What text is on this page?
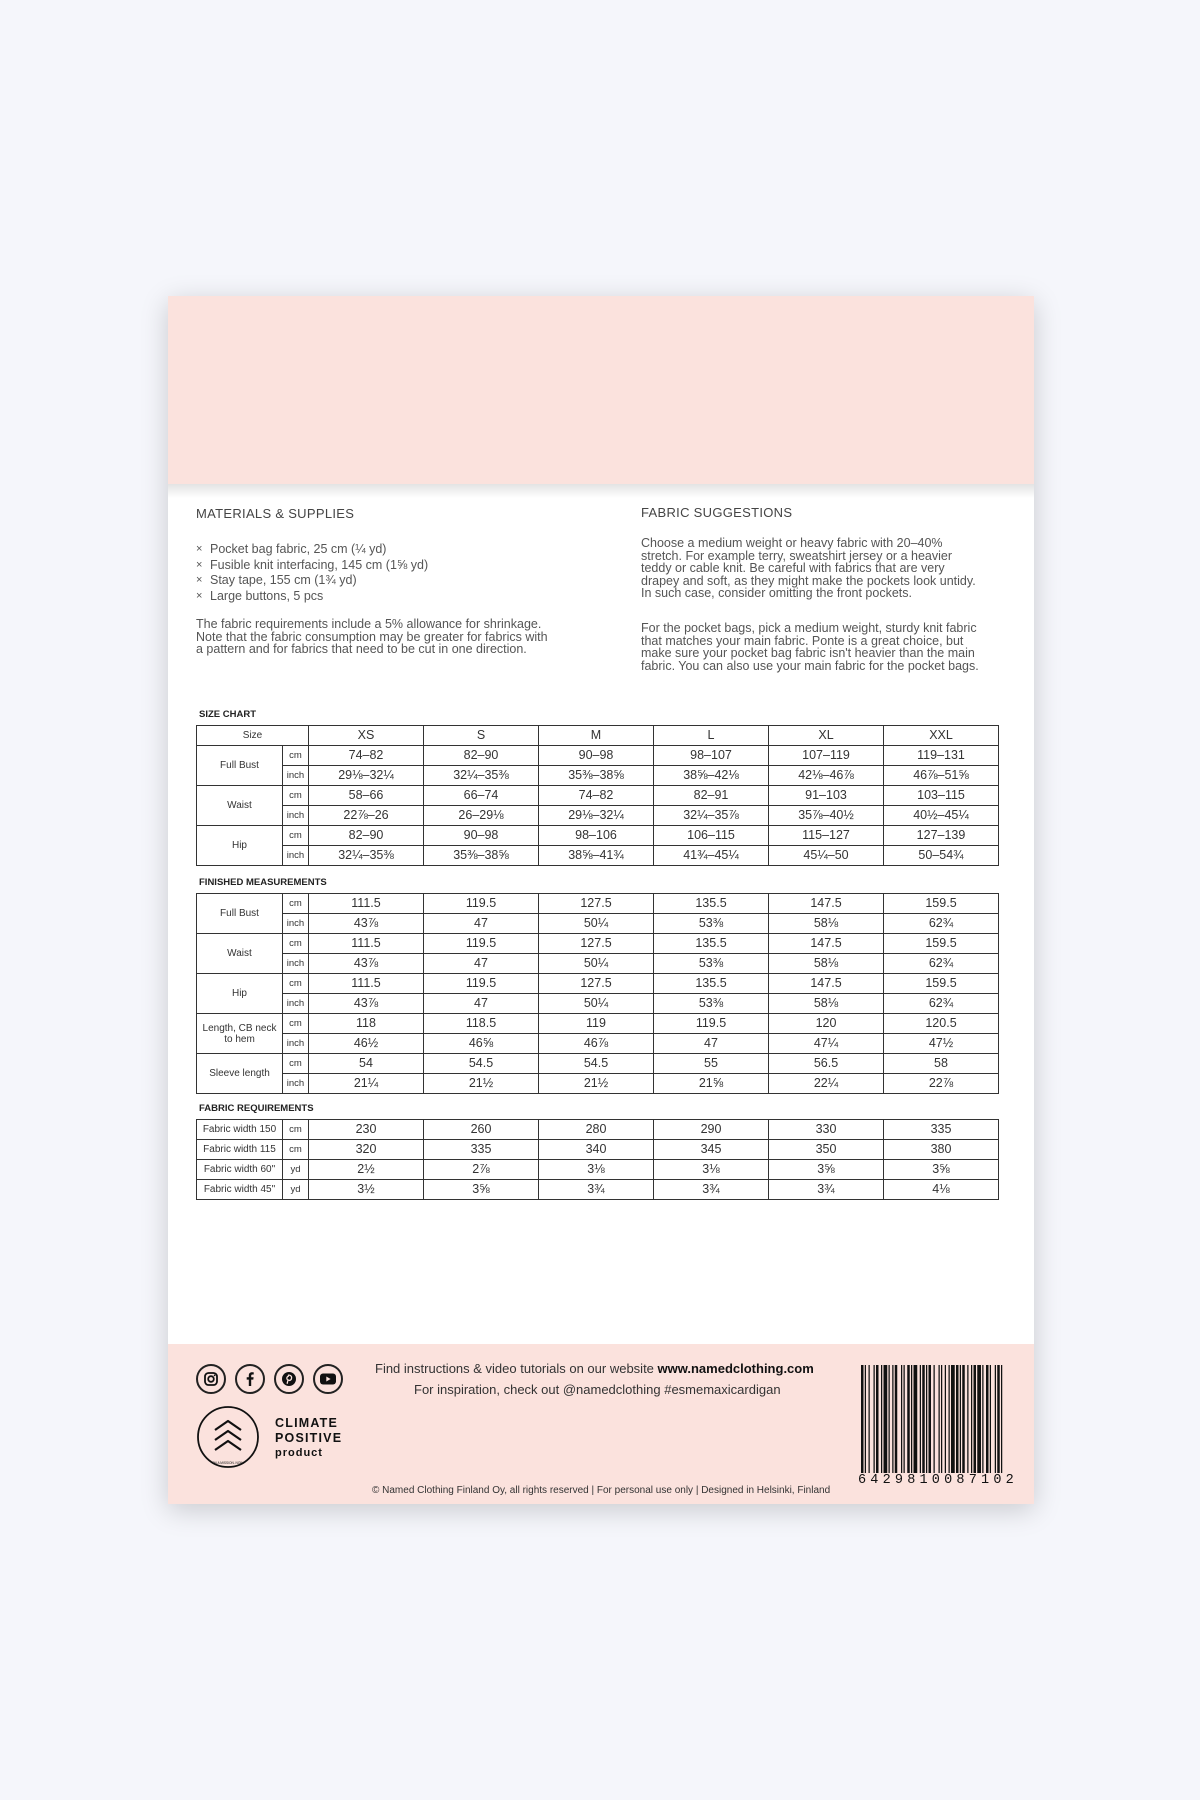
MATERIALS & SUPPLIES
× Pocket bag fabric, 25 cm (¼ yd)
× Fusible knit interfacing, 145 cm (1⅝ yd)
× Stay tape, 155 cm (1¾ yd)
× Large buttons, 5 pcs
The fabric requirements include a 5% allowance for shrinkage.
Note that the fabric consumption may be greater for fabrics with
a pattern and for fabrics that need to be cut in one direction.
FABRIC SUGGESTIONS
Choose a medium weight or heavy fabric with 20–40%
stretch. For example terry, sweatshirt jersey or a heavier
teddy or cable knit. Be careful with fabrics that are very
drapey and soft, as they might make the pockets look untidy.
In such case, consider omitting the front pockets.
For the pocket bags, pick a medium weight, sturdy knit fabric
that matches your main fabric. Ponte is a great choice, but
make sure your pocket bag fabric isn't heavier than the main
fabric. You can also use your main fabric for the pocket bags.
SIZE CHART
Size		XS	S	M	L	XL	XXL
Full Bust	cm	74–82	82–90	90–98	98–107	107–119	119–131
	inch	29⅛–32¼	32¼–35⅜	35⅜–38⅝	38⅝–42⅛	42⅛–46⅞	46⅞–51⅝
Waist	cm	58–66	66–74	74–82	82–91	91–103	103–115
	inch	22⅞–26	26–29⅛	29⅛–32¼	32¼–35⅞	35⅞–40½	40½–45¼
Hip	cm	82–90	90–98	98–106	106–115	115–127	127–139
	inch	32¼–35⅜	35⅜–38⅝	38⅝–41¾	41¾–45¼	45¼–50	50–54¾
FINISHED MEASUREMENTS
Full Bust	cm	111.5	119.5	127.5	135.5	147.5	159.5
	inch	43⅞	47	50¼	53⅜	58⅛	62¾
Waist	cm	111.5	119.5	127.5	135.5	147.5	159.5
	inch	43⅞	47	50¼	53⅜	58⅛	62¾
Hip	cm	111.5	119.5	127.5	135.5	147.5	159.5
	inch	43⅞	47	50¼	53⅜	58⅛	62¾
Length, CB neck to hem	cm	118	118.5	119	119.5	120	120.5
	inch	46½	46⅝	46⅞	47	47¼	47½
Sleeve length	cm	54	54.5	54.5	55	56.5	58
	inch	21¼	21½	21½	21⅝	22¼	22⅞
FABRIC REQUIREMENTS
Fabric width 150	cm	230	260	280	290	330	335
Fabric width 115	cm	320	335	340	345	350	380
Fabric width 60"	yd	2½	2⅞	3⅛	3⅛	3⅝	3⅝
Fabric width 45"	yd	3½	3⅝	3¾	3¾	3¾	4⅛
ON A MISSION. NOW.
CLIMATE
POSITIVE
product
Find instructions & video tutorials on our website www.namedclothing.com
For inspiration, check out @namedclothing #esmemaxicardigan
© Named Clothing Finland Oy, all rights reserved | For personal use only | Designed in Helsinki, Finland
6429810087102
